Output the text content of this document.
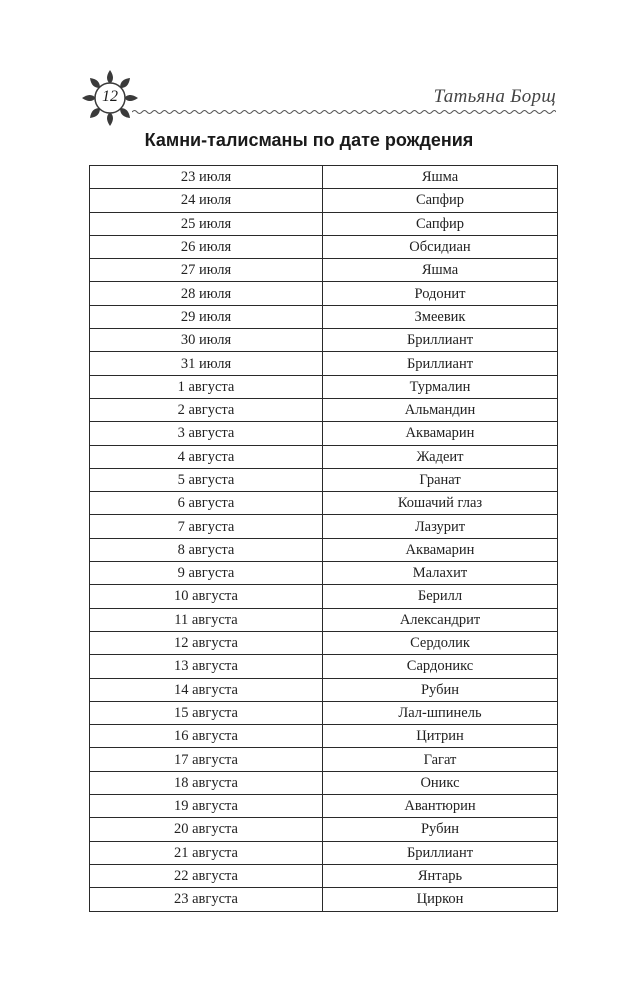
12	Татьяна Борщ
Камни-талисманы по дате рождения
23 июля	Яшма
24 июля	Сапфир
25 июля	Сапфир
26 июля	Обсидиан
27 июля	Яшма
28 июля	Родонит
29 июля	Змеевик
30 июля	Бриллиант
31 июля	Бриллиант
1 августа	Турмалин
2 августа	Альмандин
3 августа	Аквамарин
4 августа	Жадеит
5 августа	Гранат
6 августа	Кошачий глаз
7 августа	Лазурит
8 августа	Аквамарин
9 августа	Малахит
10 августа	Берилл
11 августа	Александрит
12 августа	Сердолик
13 августа	Сардоникс
14 августа	Рубин
15 августа	Лал-шпинель
16 августа	Цитрин
17 августа	Гагат
18 августа	Оникс
19 августа	Авантюрин
20 августа	Рубин
21 августа	Бриллиант
22 августа	Янтарь
23 августа	Циркон
